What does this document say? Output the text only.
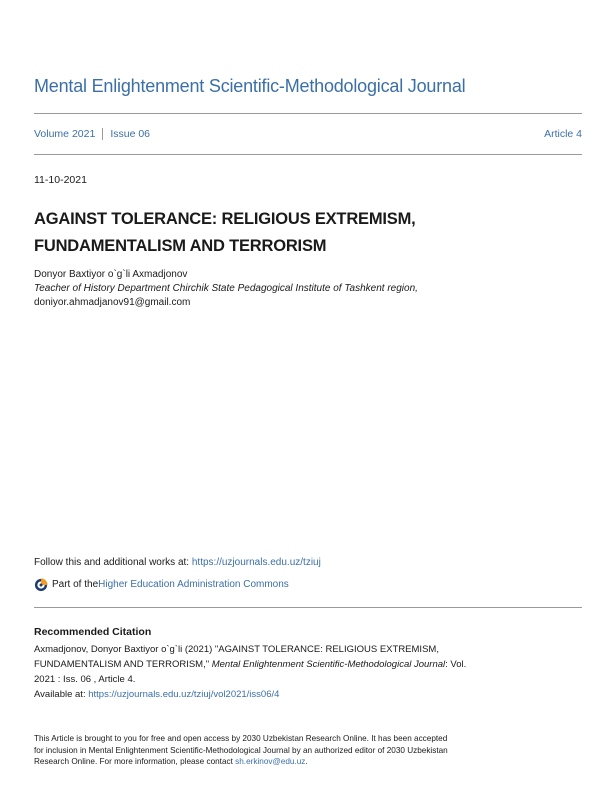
Mental Enlightenment Scientific-Methodological Journal
Volume 2021 Issue 06	Article 4
11-10-2021
AGAINST TOLERANCE: RELIGIOUS EXTREMISM,
FUNDAMENTALISM AND TERRORISM
Donyor Baxtiyor o`g`li Axmadjonov
Teacher of History Department Chirchik State Pedagogical Institute of Tashkent region,
doniyor.ahmadjanov91@gmail.com
Follow this and additional works at: https://uzjournals.edu.uz/tziuj
Part of the Higher Education Administration Commons
Recommended Citation
Axmadjonov, Donyor Baxtiyor o`g`li (2021) "AGAINST TOLERANCE: RELIGIOUS EXTREMISM,
FUNDAMENTALISM AND TERRORISM," Mental Enlightenment Scientific-Methodological Journal: Vol.
2021 : Iss. 06 , Article 4.
Available at: https://uzjournals.edu.uz/tziuj/vol2021/iss06/4
This Article is brought to you for free and open access by 2030 Uzbekistan Research Online. It has been accepted
for inclusion in Mental Enlightenment Scientific-Methodological Journal by an authorized editor of 2030 Uzbekistan
Research Online. For more information, please contact sh.erkinov@edu.uz.
